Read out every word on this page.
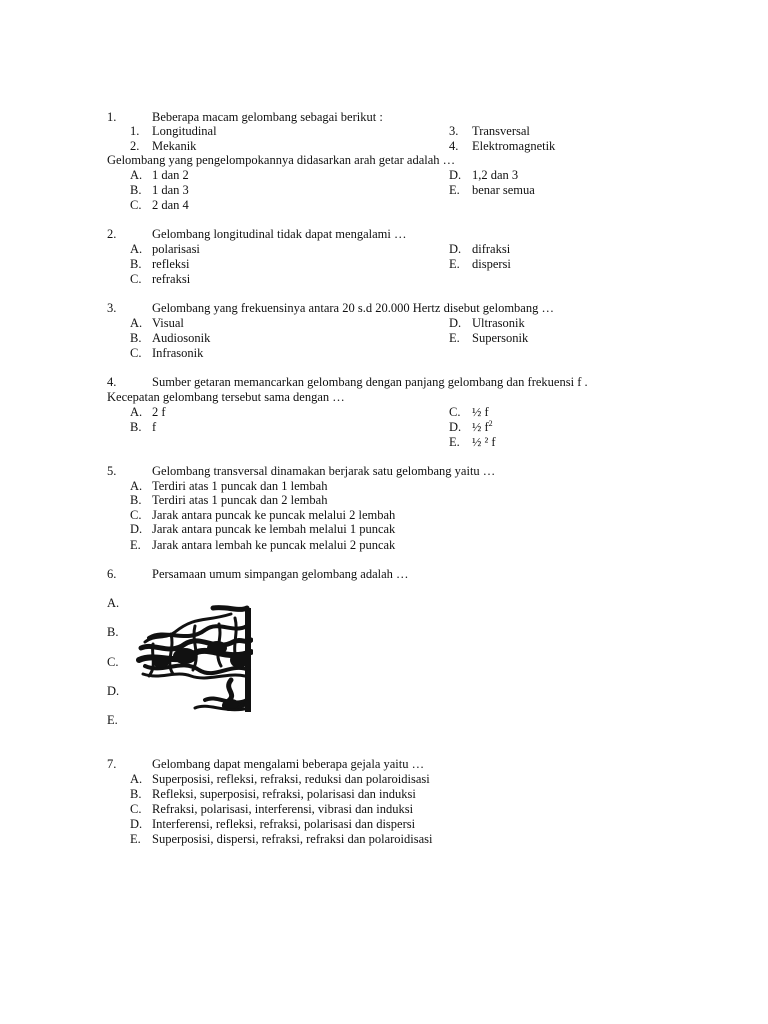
1.	Beberapa macam gelombang sebagai berikut :
1. Longitudinal
2. Mekanik
3. Transversal
4. Elektromagnetik
Gelombang yang pengelompokannya didasarkan arah getar adalah …
A. 1 dan 2
B. 1 dan 3
C. 2 dan 4
D. 1,2 dan 3
E. benar semua
2.	Gelombang longitudinal tidak dapat mengalami …
A. polarisasi
B. refleksi
C. refraksi
D. difraksi
E. dispersi
3.	Gelombang yang frekuensinya antara 20 s.d 20.000 Hertz disebut gelombang …
A. Visual
B. Audiosonik
C. Infrasonik
D. Ultrasonik
E. Supersonik
4.	Sumber getaran memancarkan gelombang dengan panjang gelombang dan frekuensi f .
Kecepatan gelombang tersebut sama dengan …
A. 2 f
B. f
C. ½ f
D. ½ $f^2$
E. ½ ² f
5.	Gelombang transversal dinamakan berjarak satu gelombang yaitu …
A. Terdiri atas 1 puncak dan 1 lembah
B. Terdiri atas 1 puncak dan 2 lembah
C. Jarak antara puncak ke puncak melalui 2 lembah
D. Jarak antara puncak ke lembah melalui 1 puncak
E. Jarak antara lembah ke puncak melalui 2 puncak
6.	Persamaan umum simpangan gelombang adalah …
A.
B.
C.
D.
E.
7.	Gelombang dapat mengalami beberapa gejala yaitu …
A. Superposisi, refleksi, refraksi, reduksi dan polaroidisasi
B. Refleksi, superposisi, refraksi, polarisasi dan induksi
C. Refraksi, polarisasi, interferensi, vibrasi dan induksi
D. Interferensi, refleksi, refraksi, polarisasi dan dispersi
E. Superposisi, dispersi, refraksi, refraksi dan polaroidisasi
